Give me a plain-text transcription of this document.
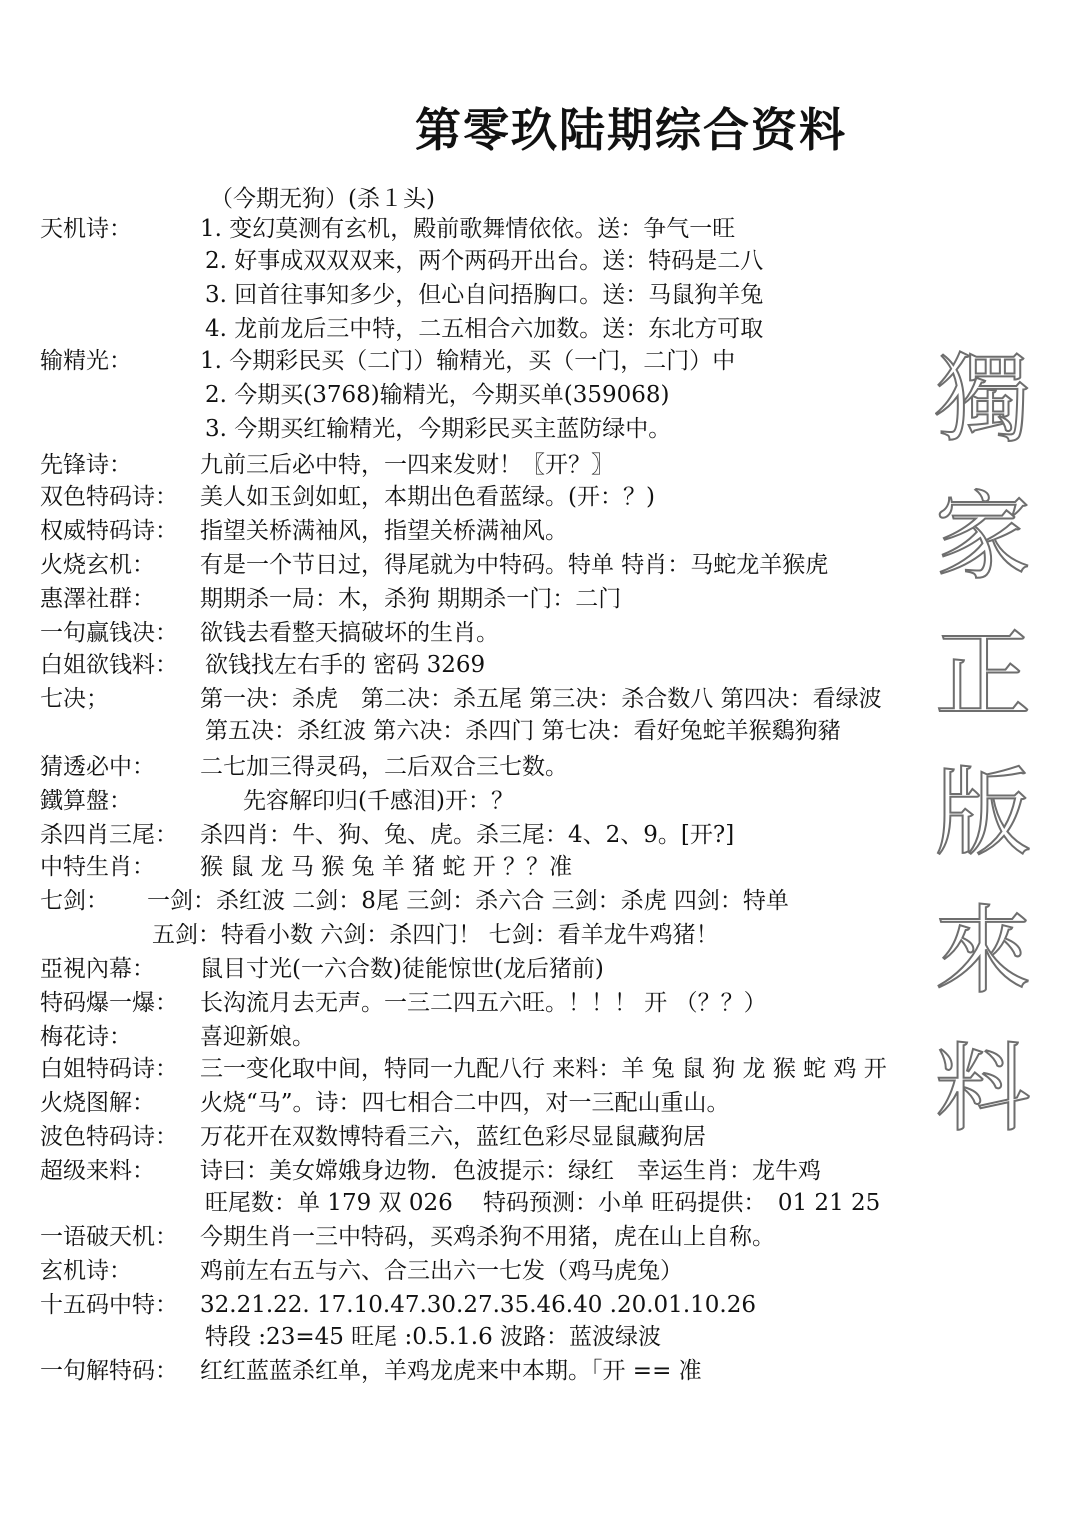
第零玖陆期综合资料
（今期无狗）(杀１头)
天机诗：	1. 变幻莫测有玄机，殿前歌舞情依依。送：争气一旺
2. 好事成双双双来，两个两码开出台。送：特码是二八
3. 回首往事知多少，但心自问捂胸口。送：马鼠狗羊兔
4. 龙前龙后三中特，二五相合六加数。送：东北方可取
输精光：	1. 今期彩民买（二门）输精光，买（一门，二门）中
2. 今期买(3768)输精光，今期买单(359068)
3. 今期买红输精光，今期彩民买主蓝防绿中。
先锋诗：	九前三后必中特，一四来发财！〖开？〗
双色特码诗： 美人如玉剑如虹，本期出色看蓝绿。(开：？)
权威特码诗： 指望关桥满袖风，指望关桥满袖风。
火烧玄机： 有是一个节日过，得尾就为中特码。特单 特肖：马蛇龙羊猴虎
惠澤社群： 期期杀一局：木，杀狗 期期杀一门：二门
一句赢钱决： 欲钱去看整天搞破坏的生肖。
白姐欲钱料： 欲钱找左右手的 密码 3269
七决；	第一决：杀虎　第二决：杀五尾 第三决：杀合数八 第四决：看绿波
第五决：杀红波 第六决：杀四门 第七决：看好兔蛇羊猴鷄狗豬
猜透必中： 二七加三得灵码，二后双合三七数。
鐵算盤：	先容解印归(千感泪)开：？
杀四肖三尾： 杀四肖：牛、狗、兔、虎。杀三尾：4、2、9。[开?]
中特生肖： 猴 鼠 龙 马 猴 兔 羊 猪 蛇 开 ？？准
七剑： 一剑：杀红波 二剑：8尾 三剑：杀六合 三剑：杀虎 四剑：特单
五剑：特看小数 六剑：杀四门！ 七剑：看羊龙牛鸡猪！
亞視內幕： 鼠目寸光(一六合数)徒能惊世(龙后猪前)
特码爆一爆： 长沟流月去无声。一三二四五六旺。！！！ 开 （？？）
梅花诗：	喜迎新娘。
白姐特码诗： 三一变化取中间，特同一九配八行 来料：羊 兔 鼠 狗 龙 猴 蛇 鸡 开
火烧图解： 火烧“马”。诗：四七相合二中四，对一三配山重山。
波色特码诗： 万花开在双数博特看三六，蓝红色彩尽显鼠藏狗居
超级来料： 诗曰：美女嫦娥身边物．色波提示：绿红　幸运生肖：龙牛鸡
旺尾数：单 179 双 026　 特码预测：小单 旺码提供：　01 21 25
一语破天机： 今期生肖一三中特码，买鸡杀狗不用猪，虎在山上自称。
玄机诗：	鸡前左右五与六、合三出六一七发（鸡马虎兔）
十五码中特： 32.21.22. 17.10.47.30.27.35.46.40 .20.01.10.26
特段 :23=45 旺尾 :0.5.1.6 波路：蓝波绿波
一句解特码： 红红蓝蓝杀红单，羊鸡龙虎来中本期。「开 == 准
獨
家
正
版
來
料
